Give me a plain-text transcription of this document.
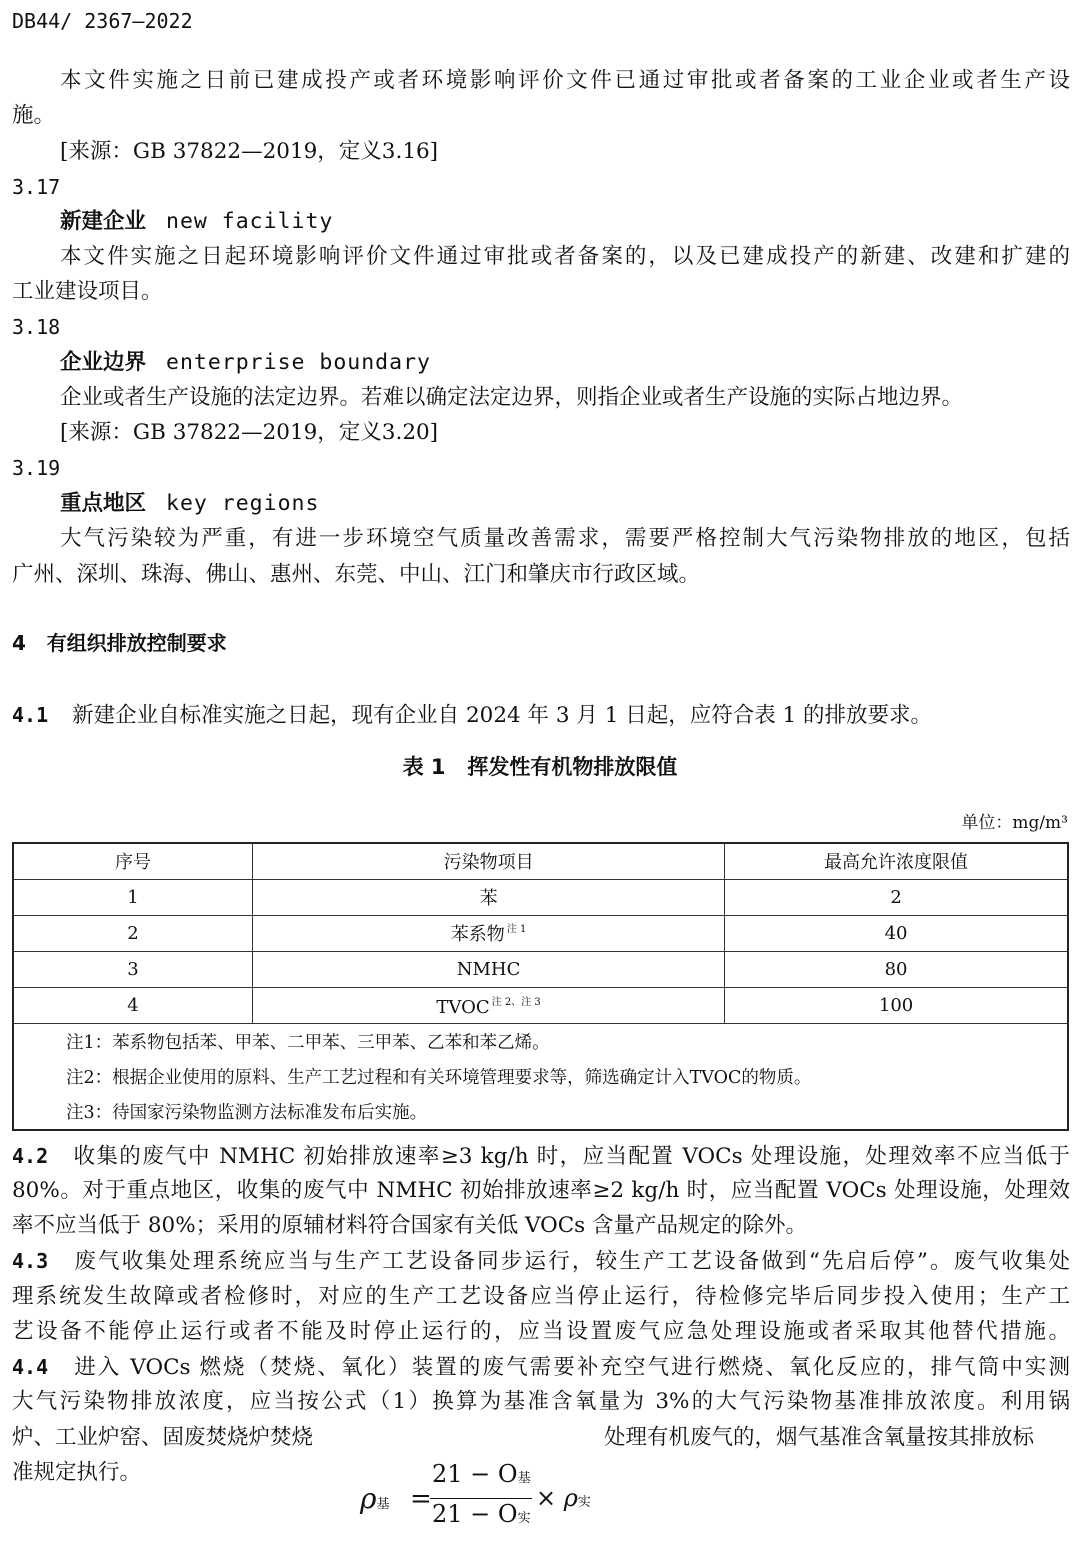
DB44/ 2367—2022
本文件实施之日前已建成投产或者环境影响评价文件已通过审批或者备案的工业企业或者生产设
施。
[来源：GB 37822—2019，定义3.16]
3.17
新建企业 new facility
本文件实施之日起环境影响评价文件通过审批或者备案的，以及已建成投产的新建、改建和扩建的
工业建设项目。
3.18
企业边界 enterprise boundary
企业或者生产设施的法定边界。若难以确定法定边界，则指企业或者生产设施的实际占地边界。
[来源：GB 37822—2019，定义3.20]
3.19
重点地区 key regions
大气污染较为严重，有进一步环境空气质量改善需求，需要严格控制大气污染物排放的地区，包括
广州、深圳、珠海、佛山、惠州、东莞、中山、江门和肇庆市行政区域。
4   有组织排放控制要求
4.1 新建企业自标准实施之日起，现有企业自 2024 年 3 月 1 日起，应符合表 1 的排放要求。
表 1   挥发性有机物排放限值
单位：mg/m³
序号	污染物项目	最高允许浓度限值
1	苯	2
2	苯系物 $^{注 1}$	40
3	NMHC	80
4	TVOC $^{注 2、注 3}$	100
注1：苯系物包括苯、甲苯、二甲苯、三甲苯、乙苯和苯乙烯。		
注2：根据企业使用的原料、生产工艺过程和有关环境管理要求等，筛选确定计入TVOC的物质。		
注3：待国家污染物监测方法标准发布后实施。		
4.2 收集的废气中 NMHC 初始排放速率≥3 kg/h 时，应当配置 VOCs 处理设施，处理效率不应当低于
80%。对于重点地区，收集的废气中 NMHC 初始排放速率≥2 kg/h 时，应当配置 VOCs 处理设施，处理效
率不应当低于 80%；采用的原辅材料符合国家有关低 VOCs 含量产品规定的除外。
4.3 废气收集处理系统应当与生产工艺设备同步运行，较生产工艺设备做到“先启后停”。废气收集处
理系统发生故障或者检修时，对应的生产工艺设备应当停止运行，待检修完毕后同步投入使用；生产工
艺设备不能停止运行或者不能及时停止运行的，应当设置废气应急处理设施或者采取其他替代措施。
4.4 进入 VOCs 燃烧（焚烧、氧化）装置的废气需要补充空气进行燃烧、氧化反应的，排气筒中实测
大气污染物排放浓度，应当按公式（1）换算为基准含氧量为 3%的大气污染物基准排放浓度。利用锅
炉、工业炉窑、固废焚烧炉焚烧	处理有机废气的，烟气基准含氧量按其排放标
准规定执行。
ρ基 =
21 − O基
21 − O实
× ρ实
